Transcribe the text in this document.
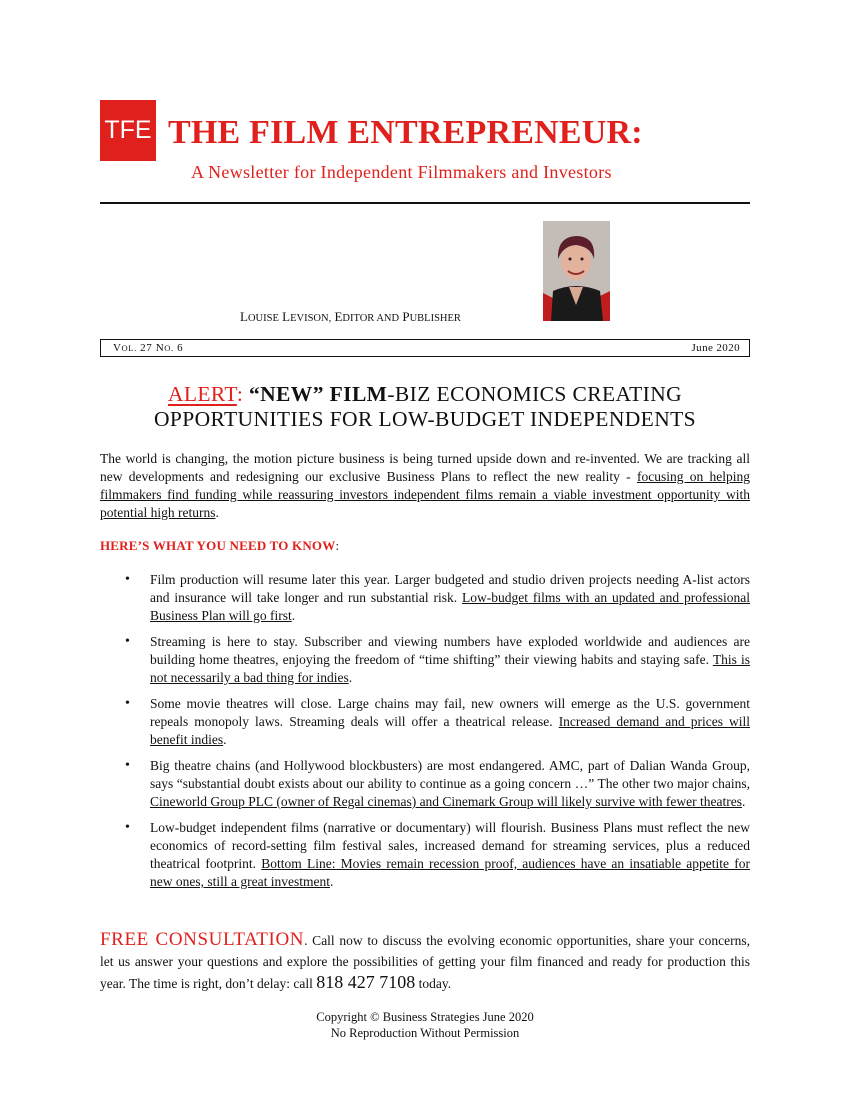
TFE THE FILM ENTREPRENEUR:

A Newsletter for Independent Filmmakers and Investors

LOUISE LEVISON, EDITOR AND PUBLISHER
VOL. 27 NO. 6	June 2020
ALERT: “NEW” FILM-BIZ ECONOMICS CREATING
OPPORTUNITIES FOR LOW-BUDGET INDEPENDENTS

The world is changing, the motion picture business is being turned upside down and re-invented. We are tracking all new developments and redesigning our exclusive Business Plans to reflect the new reality - focusing on helping filmmakers find funding while reassuring investors independent films remain a viable investment opportunity with potential high returns.

HERE’S WHAT YOU NEED TO KNOW:

• Film production will resume later this year. Larger budgeted and studio driven projects needing A-list actors and insurance will take longer and run substantial risk. Low-budget films with an updated and professional Business Plan will go first.
• Streaming is here to stay. Subscriber and viewing numbers have exploded worldwide and audiences are building home theatres, enjoying the freedom of “time shifting” their viewing habits and staying safe. This is not necessarily a bad thing for indies.
• Some movie theatres will close. Large chains may fail, new owners will emerge as the U.S. government repeals monopoly laws. Streaming deals will offer a theatrical release. Increased demand and prices will benefit indies.
• Big theatre chains (and Hollywood blockbusters) are most endangered. AMC, part of Dalian Wanda Group, says “substantial doubt exists about our ability to continue as a going concern …” The other two major chains, Cineworld Group PLC (owner of Regal cinemas) and Cinemark Group will likely survive with fewer theatres.
• Low-budget independent films (narrative or documentary) will flourish. Business Plans must reflect the new economics of record-setting film festival sales, increased demand for streaming services, plus a reduced theatrical footprint. Bottom Line: Movies remain recession proof, audiences have an insatiable appetite for new ones, still a great investment.

FREE CONSULTATION. Call now to discuss the evolving economic opportunities, share your concerns, let us answer your questions and explore the possibilities of getting your film financed and ready for production this year. The time is right, don’t delay: call 818 427 7108 today.

Copyright © Business Strategies June 2020
No Reproduction Without Permission
